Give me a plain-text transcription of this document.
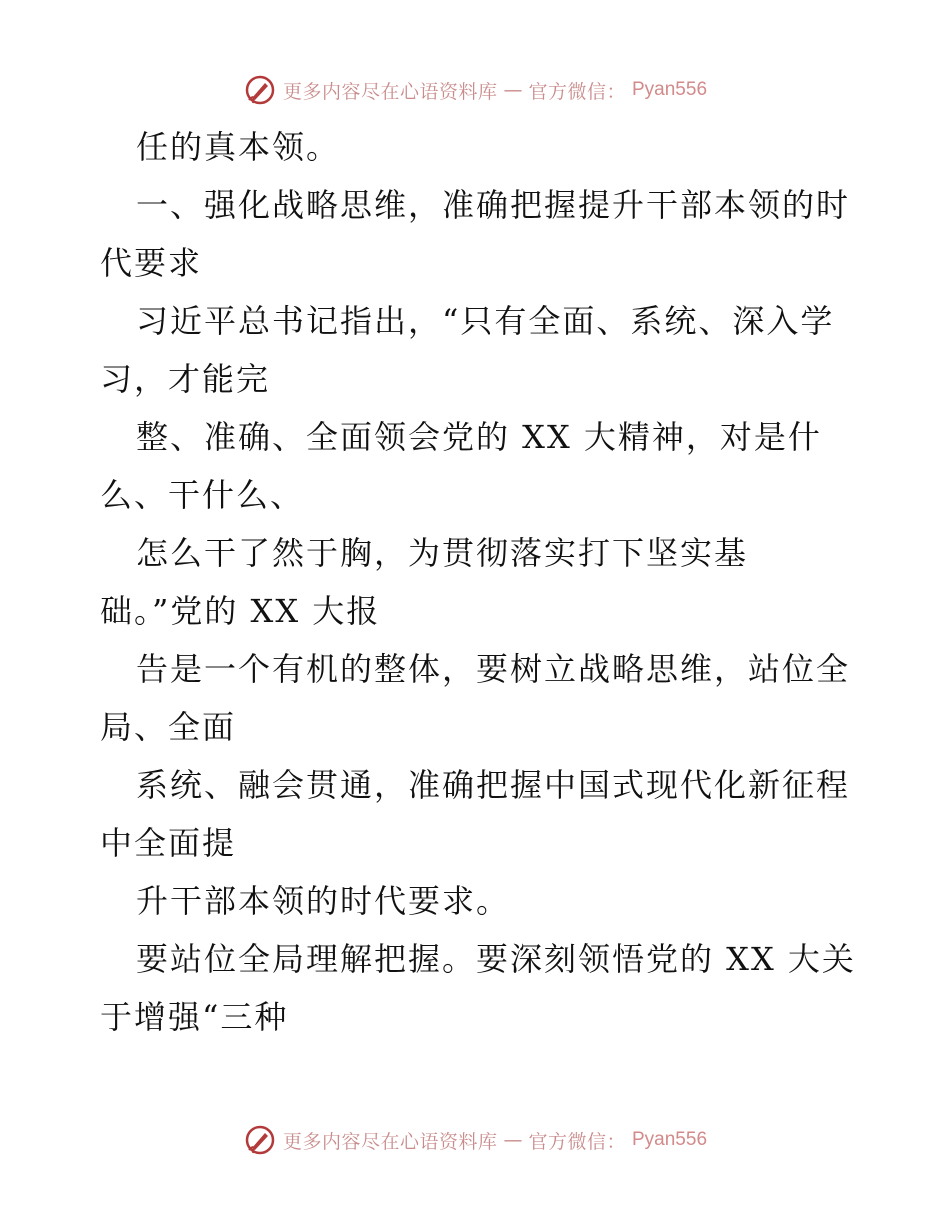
更多内容尽在心语资料库 — 官方微信： Pyan556
任的真本领。
一、强化战略思维，准确把握提升干部本领的时
代要求
习近平总书记指出，“只有全面、系统、深入学
习，才能完
整、准确、全面领会党的 XX 大精神，对是什
么、干什么、
怎么干了然于胸，为贯彻落实打下坚实基
础。”党的 XX 大报
告是一个有机的整体，要树立战略思维，站位全
局、全面
系统、融会贯通，准确把握中国式现代化新征程
中全面提
升干部本领的时代要求。
要站位全局理解把握。要深刻领悟党的 XX 大关
于增强“三种
更多内容尽在心语资料库 — 官方微信： Pyan556
